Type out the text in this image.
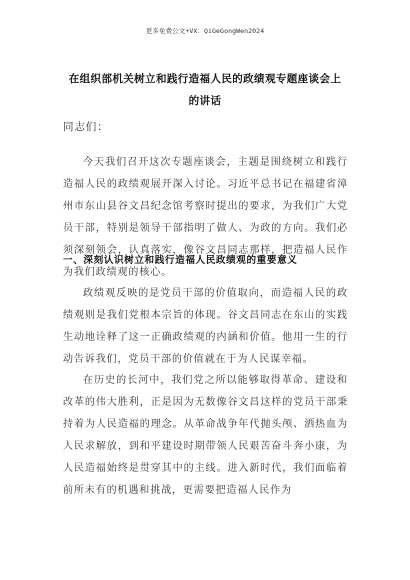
更多免费公文+VX：QiGeGongWen2024
在组织部机关树立和践行造福人民的政绩观专题座谈会上
的讲话
同志们：
今天我们召开这次专题座谈会，主题是围绕树立和践行造福人民的政绩观展开深入讨论。习近平总书记在福建省漳州市东山县谷文昌纪念馆考察时提出的要求，为我们广大党员干部，特别是领导干部指明了做人、为政的方向。我们必须深刻领会，认真落实，像谷文昌同志那样，把造福人民作为我们政绩观的核心。
一、深刻认识树立和践行造福人民政绩观的重要意义
政绩观反映的是党员干部的价值取向，而造福人民的政绩观则是我们党根本宗旨的体现。谷文昌同志在东山的实践生动地诠释了这一正确政绩观的内涵和价值。他用一生的行动告诉我们，党员干部的价值就在于为人民谋幸福。
在历史的长河中，我们党之所以能够取得革命、建设和改革的伟大胜利，正是因为无数像谷文昌这样的党员干部秉持着为人民造福的理念。从革命战争年代抛头颅、洒热血为人民求解放，到和平建设时期带领人民艰苦奋斗奔小康，为人民造福始终是贯穿其中的主线。进入新时代，我们面临着前所未有的机遇和挑战，更需要把造福人民作为
